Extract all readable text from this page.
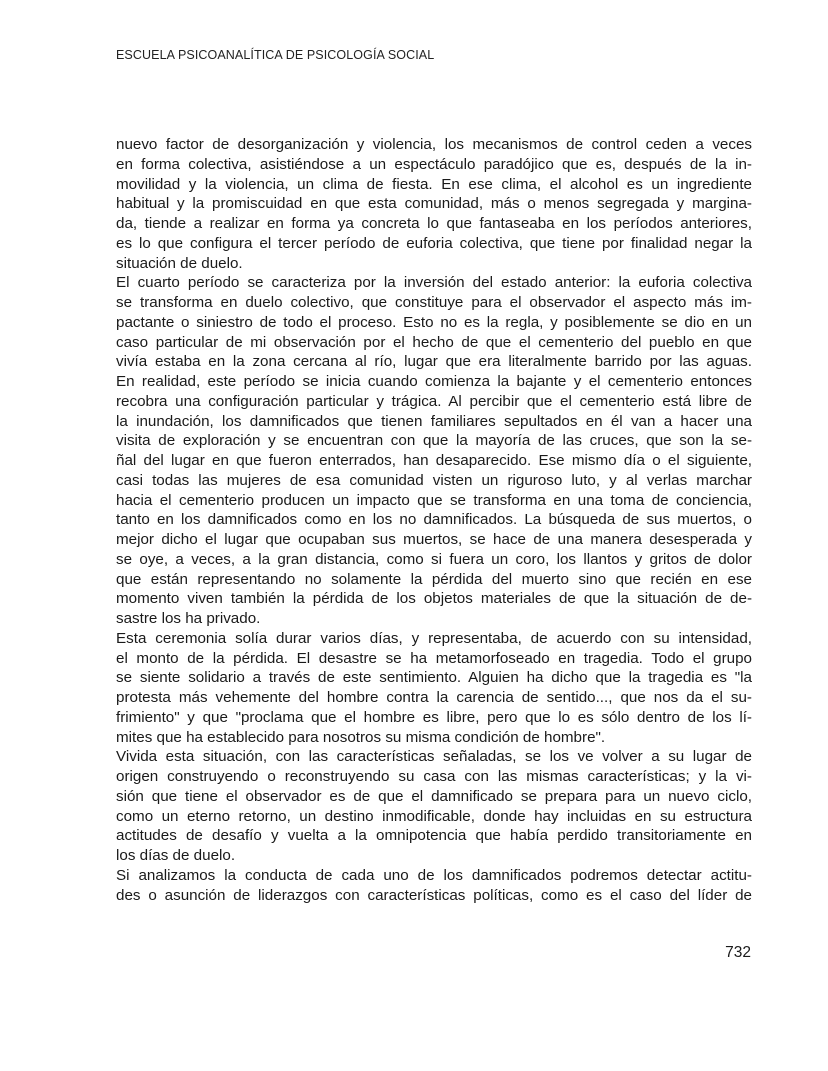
ESCUELA PSICOANALÍTICA DE PSICOLOGÍA SOCIAL
nuevo factor de desorganización y violencia, los mecanismos de control ceden a veces
en forma colectiva, asistiéndose a un espectáculo paradójico que es, después de la in-
movilidad y la violencia, un clima de fiesta. En ese clima, el alcohol es un ingrediente
habitual y la promiscuidad en que esta comunidad, más o menos segregada y margina-
da, tiende a realizar en forma ya concreta lo que fantaseaba en los períodos anteriores,
es lo que configura el tercer período de euforia colectiva, que tiene por finalidad negar la
situación de duelo.
El cuarto período se caracteriza por la inversión del estado anterior: la euforia colectiva
se transforma en duelo colectivo, que constituye para el observador el aspecto más im-
pactante o siniestro de todo el proceso. Esto no es la regla, y posiblemente se dio en un
caso particular de mi observación por el hecho de que el cementerio del pueblo en que
vivía estaba en la zona cercana al río, lugar que era literalmente barrido por las aguas.
En realidad, este período se inicia cuando comienza la bajante y el cementerio entonces
recobra una configuración particular y trágica. Al percibir que el cementerio está libre de
la inundación, los damnificados que tienen familiares sepultados en él van a hacer una
visita de exploración y se encuentran con que la mayoría de las cruces, que son la se-
ñal del lugar en que fueron enterrados, han desaparecido. Ese mismo día o el siguiente,
casi todas las mujeres de esa comunidad visten un riguroso luto, y al verlas marchar
hacia el cementerio producen un impacto que se transforma en una toma de conciencia,
tanto en los damnificados como en los no damnificados. La búsqueda de sus muertos, o
mejor dicho el lugar que ocupaban sus muertos, se hace de una manera desesperada y
se oye, a veces, a la gran distancia, como si fuera un coro, los llantos y gritos de dolor
que están representando no solamente la pérdida del muerto sino que recién en ese
momento viven también la pérdida de los objetos materiales de que la situación de de-
sastre los ha privado.
Esta ceremonia solía durar varios días, y representaba, de acuerdo con su intensidad,
el monto de la pérdida. El desastre se ha metamorfoseado en tragedia. Todo el grupo
se siente solidario a través de este sentimiento. Alguien ha dicho que la tragedia es "la
protesta más vehemente del hombre contra la carencia de sentido..., que nos da el su-
frimiento" y que "proclama que el hombre es libre, pero que lo es sólo dentro de los lí-
mites que ha establecido para nosotros su misma condición de hombre".
Vivida esta situación, con las características señaladas, se los ve volver a su lugar de
origen construyendo o reconstruyendo su casa con las mismas características; y la vi-
sión que tiene el observador es de que el damnificado se prepara para un nuevo ciclo,
como un eterno retorno, un destino inmodificable, donde hay incluidas en su estructura
actitudes de desafío y vuelta a la omnipotencia que había perdido transitoriamente en
los días de duelo.
Si analizamos la conducta de cada uno de los damnificados podremos detectar actitu-
des o asunción de liderazgos con características políticas, como es el caso del líder de
732
